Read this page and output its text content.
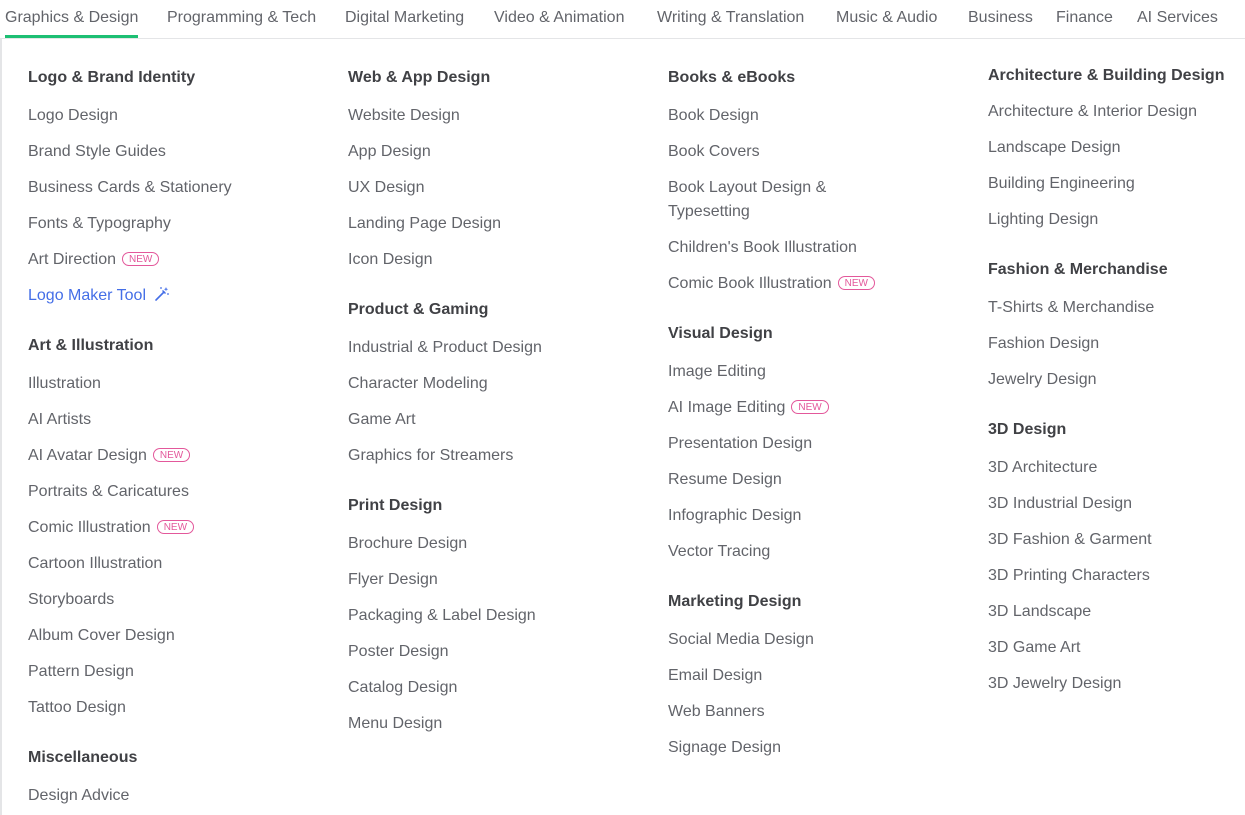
Graphics & Design Programming & Tech Digital Marketing Video & Animation Writing & Translation Music & Audio Business Finance AI Services
Logo & Brand Identity
Logo Design
Brand Style Guides
Business Cards & Stationery
Fonts & Typography
Art Direction NEW
Logo Maker Tool
Art & Illustration
Illustration
AI Artists
AI Avatar Design NEW
Portraits & Caricatures
Comic Illustration NEW
Cartoon Illustration
Storyboards
Album Cover Design
Pattern Design
Tattoo Design
Miscellaneous
Design Advice
Web & App Design
Website Design
App Design
UX Design
Landing Page Design
Icon Design
Product & Gaming
Industrial & Product Design
Character Modeling
Game Art
Graphics for Streamers
Print Design
Brochure Design
Flyer Design
Packaging & Label Design
Poster Design
Catalog Design
Menu Design
Books & eBooks
Book Design
Book Covers
Book Layout Design & Typesetting
Children's Book Illustration
Comic Book Illustration NEW
Visual Design
Image Editing
AI Image Editing NEW
Presentation Design
Resume Design
Infographic Design
Vector Tracing
Marketing Design
Social Media Design
Email Design
Web Banners
Signage Design
Architecture & Building Design
Architecture & Interior Design
Landscape Design
Building Engineering
Lighting Design
Fashion & Merchandise
T-Shirts & Merchandise
Fashion Design
Jewelry Design
3D Design
3D Architecture
3D Industrial Design
3D Fashion & Garment
3D Printing Characters
3D Landscape
3D Game Art
3D Jewelry Design
